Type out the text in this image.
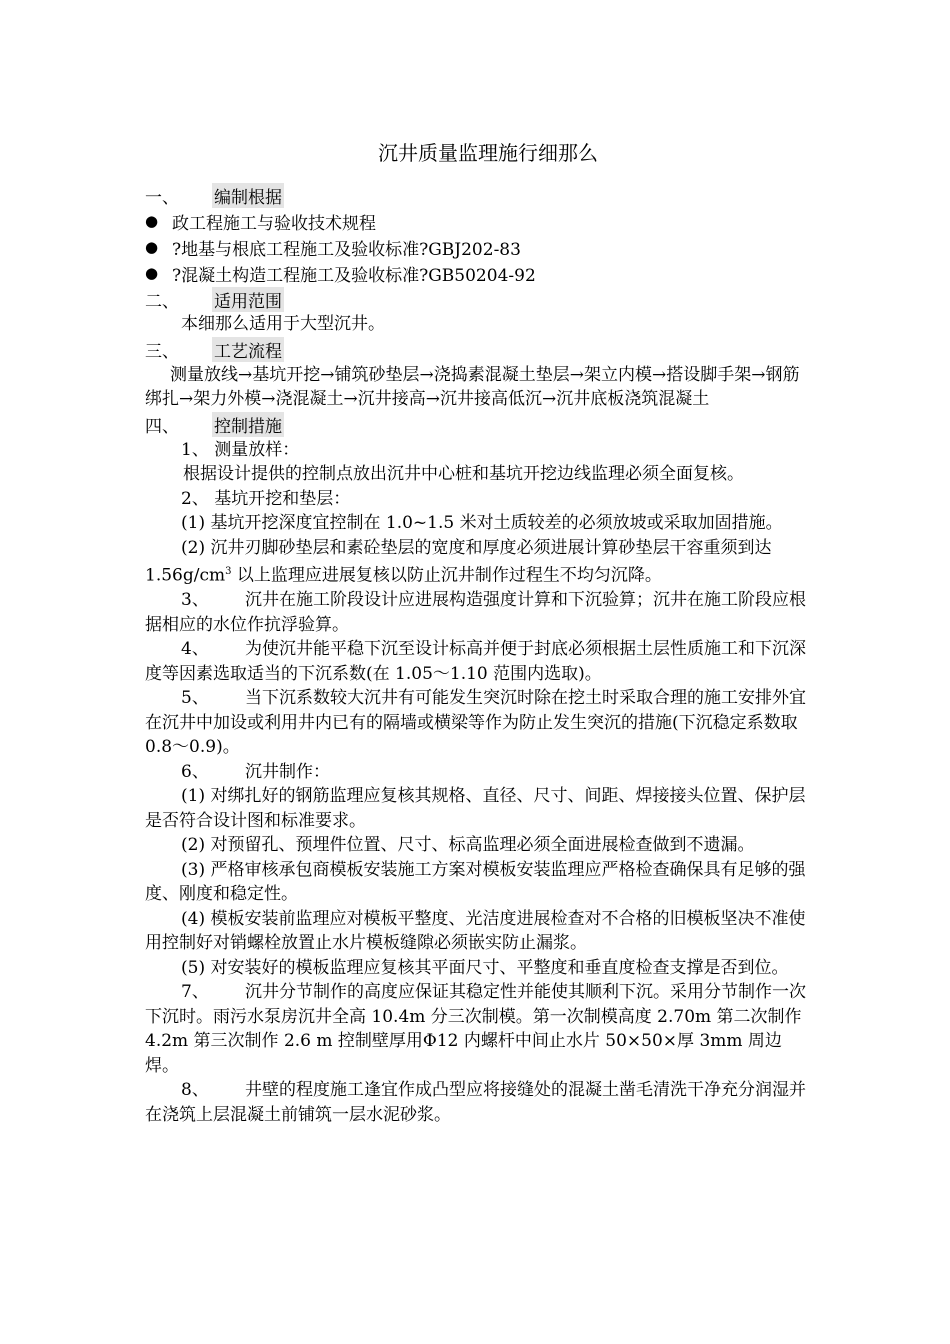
沉井质量监理施行细那么
一、	编制根据
● 政工程施工与验收技术规程
● ?地基与根底工程施工及验收标准?GBJ202-83
● ?混凝土构造工程施工及验收标准?GB50204-92
二、	适用范围

本细那么适用于大型沉井。

三、	工艺流程

测量放线→基坑开挖→铺筑砂垫层→浇捣素混凝土垫层→架立内模→搭设脚手架→钢筋绑扎→架力外模→浇混凝土→沉井接高→沉井接高低沉→沉井底板浇筑混凝土

四、	控制措施

1、 测量放样：

根据设计提供的控制点放出沉井中心桩和基坑开挖边线监理必须全面复核。

2、 基坑开挖和垫层：

(1) 基坑开挖深度宜控制在 1.0~1.5 米对土质较差的必须放坡或采取加固措施。

(2) 沉井刃脚砂垫层和素砼垫层的宽度和厚度必须进展计算砂垫层干容重须到达 $1.56g/cm^3$ 以上监理应进展复核以防止沉井制作过程生不均匀沉降。

3、 沉井在施工阶段设计应进展构造强度计算和下沉验算；沉井在施工阶段应根据相应的水位作抗浮验算。

4、 为使沉井能平稳下沉至设计标高并便于封底必须根据土层性质施工和下沉深度等因素选取适当的下沉系数(在 1.05～1.10 范围内选取)。

5、 当下沉系数较大沉井有可能发生突沉时除在挖土时采取合理的施工安排外宜在沉井中加设或利用井内已有的隔墙或横梁等作为防止发生突沉的措施(下沉稳定系数取 0.8～0.9)。

6、 沉井制作：

(1) 对绑扎好的钢筋监理应复核其规格、直径、尺寸、间距、焊接接头位置、保护层是否符合设计图和标准要求。

(2) 对预留孔、预埋件位置、尺寸、标高监理必须全面进展检查做到不遗漏。

(3) 严格审核承包商模板安装施工方案对模板安装监理应严格检查确保具有足够的强度、刚度和稳定性。

(4) 模板安装前监理应对模板平整度、光洁度进展检查对不合格的旧模板坚决不准使用控制好对销螺栓放置止水片模板缝隙必须嵌实防止漏浆。

(5) 对安装好的模板监理应复核其平面尺寸、平整度和垂直度检查支撑是否到位。

7、 沉井分节制作的高度应保证其稳定性并能使其顺利下沉。采用分节制作一次下沉时。雨污水泵房沉井全高 10.4m 分三次制模。第一次制模高度 2.70m 第二次制作 4.2m 第三次制作 2.6 m 控制壁厚用Φ12 内螺杆中间止水片 50×50×厚 3mm 周边焊。

8、 井壁的程度施工逢宜作成凸型应将接缝处的混凝土凿毛清洗干净充分润湿并在浇筑上层混凝土前铺筑一层水泥砂浆。
